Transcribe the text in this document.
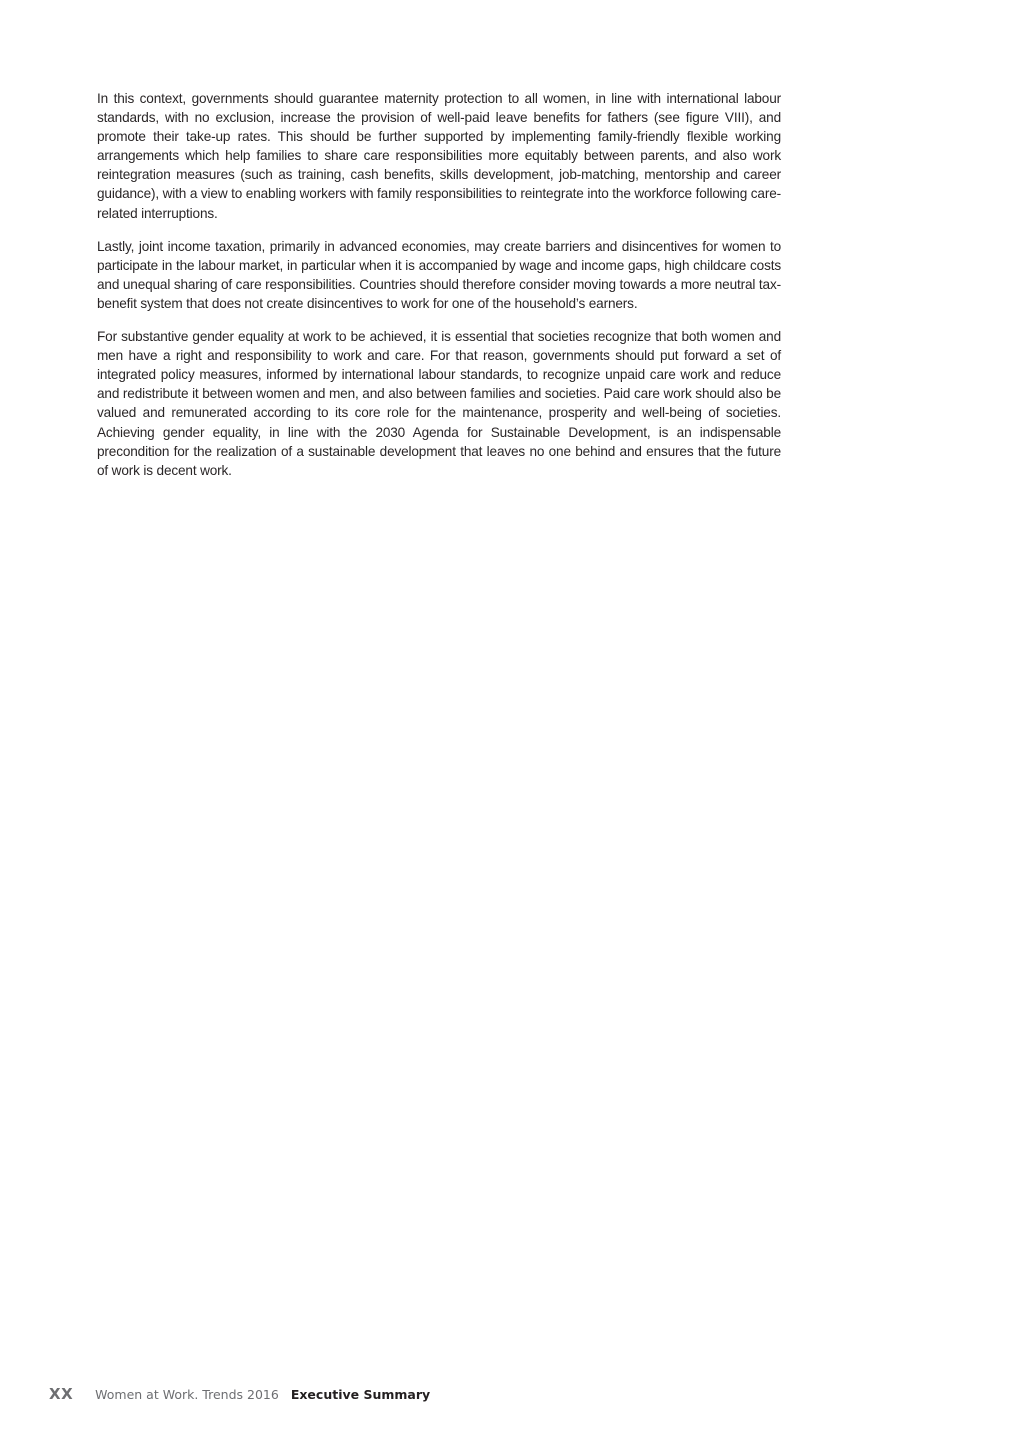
In this context, governments should guarantee maternity protection to all women, in line with international labour standards, with no exclusion, increase the provision of well-paid leave benefits for fathers (see figure VIII), and promote their take-up rates. This should be further supported by implementing family-friendly flexible working arrangements which help families to share care responsibilities more equitably between parents, and also work reintegration measures (such as training, cash benefits, skills development, job-matching, mentorship and career guidance), with a view to enabling workers with family responsibilities to reintegrate into the workforce following care-related interruptions.

Lastly, joint income taxation, primarily in advanced economies, may create barriers and disincentives for women to participate in the labour market, in particular when it is accompanied by wage and income gaps, high childcare costs and unequal sharing of care responsibilities. Countries should therefore consider moving towards a more neutral tax-benefit system that does not create disincentives to work for one of the household’s earners.

For substantive gender equality at work to be achieved, it is essential that societies recognize that both women and men have a right and responsibility to work and care. For that reason, governments should put forward a set of integrated policy measures, informed by international labour standards, to recognize unpaid care work and reduce and redistribute it between women and men, and also between families and societies. Paid care work should also be valued and remunerated according to its core role for the maintenance, prosperity and well-being of societies. Achieving gender equality, in line with the 2030 Agenda for Sustainable Development, is an indispensable precondition for the realization of a sustainable development that leaves no one behind and ensures that the future of work is decent work.

XX Women at Work. Trends 2016 Executive Summary
